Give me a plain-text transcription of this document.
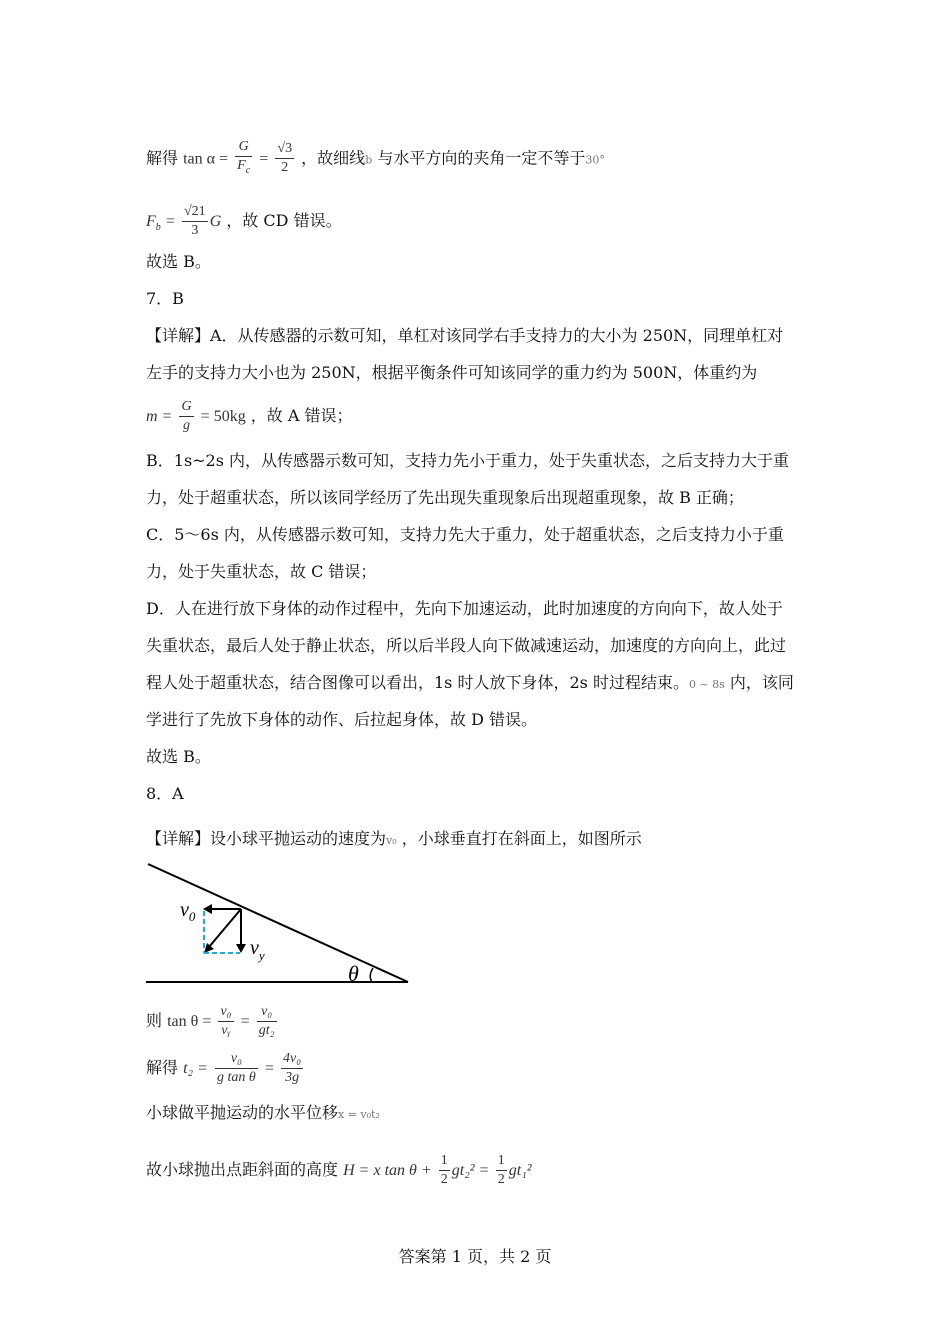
解得 $\tan \alpha = \frac{G}{F_c} = \frac{√3}{2}$ ，故细线b 与水平方向的夹角一定不等于30°
$F_b = \frac{√21}{3}$ G ，故 CD 错误。
故选 B。
7．B
【详解】A．从传感器的示数可知，单杠对该同学右手支持力的大小为 250N，同理单杠对
左手的支持力大小也为 250N，根据平衡条件可知该同学的重力约为 500N，体重约为
$m = \frac{G}{g} = 50kg$ ，故 A 错误；
B．1s~2s 内，从传感器示数可知，支持力先小于重力，处于失重状态，之后支持力大于重
力，处于超重状态，所以该同学经历了先出现失重现象后出现超重现象，故 B 正确；
C．5～6s 内，从传感器示数可知，支持力先大于重力，处于超重状态，之后支持力小于重
力，处于失重状态，故 C 错误；
D．人在进行放下身体的动作过程中，先向下加速运动，此时加速度的方向向下，故人处于
失重状态，最后人处于静止状态，所以后半段人向下做减速运动，加速度的方向向上，此过
程人处于超重状态，结合图像可以看出，1s 时人放下身体，2s 时过程结束。0 ~ 8s 内，该同
学进行了先放下身体的动作、后拉起身体，故 D 错误。
故选 B。
8．A
【详解】设小球平抛运动的速度为v₀ ，小球垂直打在斜面上，如图所示
θ
$v_0$
$v_y$
则 $\tan \theta = \frac{\text{v₀}}{\text{vᵧ}} = \frac{\text{v₀}}{\text{gt₂}}$
解得 $t_2 = \frac{\text{v₀}}{\text{g tan θ}} = \frac{\text{4v₀}}{3g}$
小球做平抛运动的水平位移x = v₀t₂
故小球抛出点距斜面的高度 H = x $\tan \theta + \frac{1}{2} gt_2^2 = \frac{1}{2} gt_1^2$
答案第 1 页，共 2 页
